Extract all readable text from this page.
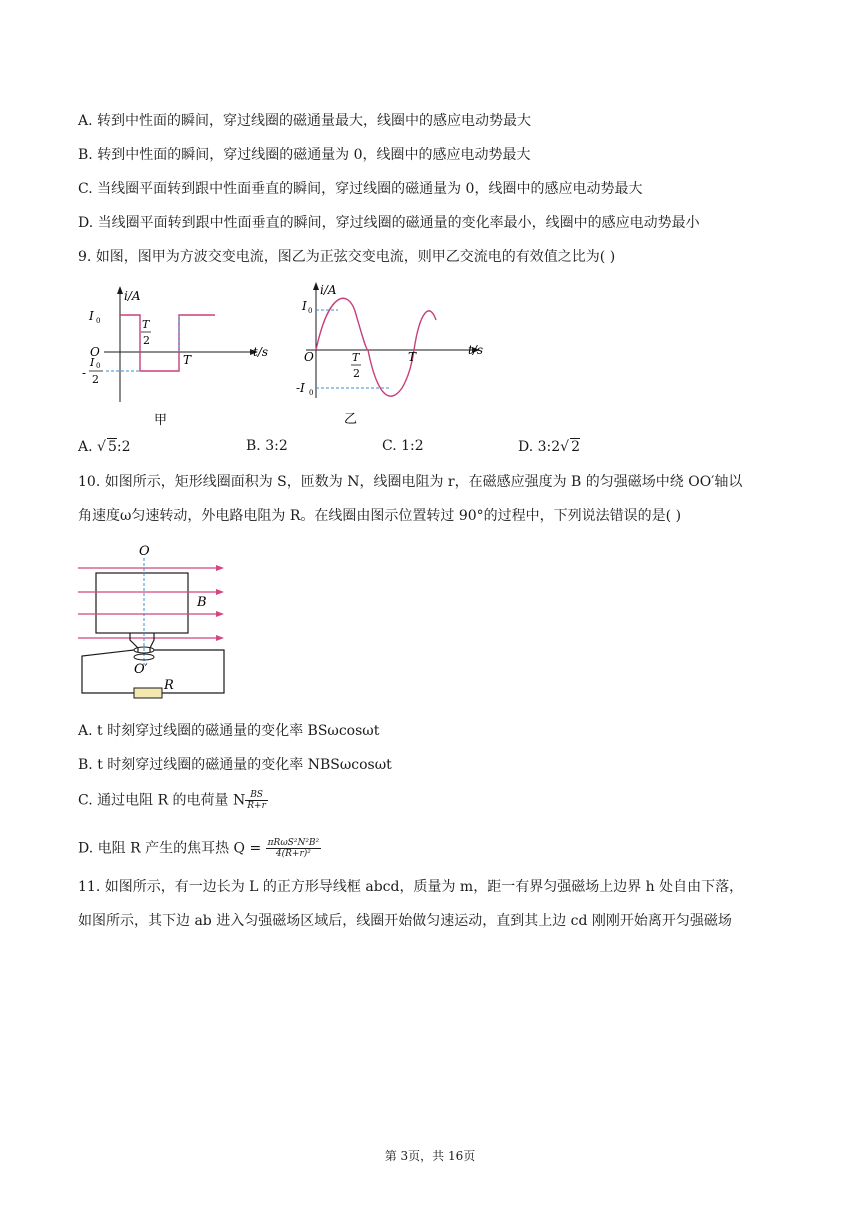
A. 转到中性面的瞬间，穿过线圈的磁通量最大，线圈中的感应电动势最大
B. 转到中性面的瞬间，穿过线圈的磁通量为 0，线圈中的感应电动势最大
C. 当线圈平面转到跟中性面垂直的瞬间，穿过线圈的磁通量为 0，线圈中的感应电动势最大
D. 当线圈平面转到跟中性面垂直的瞬间，穿过线圈的磁通量的变化率最小，线圈中的感应电动势最小
9. 如图，图甲为方波交变电流，图乙为正弦交变电流，则甲乙交流电的有效值之比为( )
i/A
t/s
I 0
O
T
2
T
-
I 0
2
甲
i/A
t/s
I 0
O	T
2
T
-I 0
乙
A. √ 5:2	B. 3:2	C. 1:2	D. 3:2√ 2
10. 如图所示，矩形线圈面积为 S，匝数为 N，线圈电阻为 r，在磁感应强度为 B 的匀强磁场中绕 OO′轴以
角速度ω匀速转动，外电路电阻为 R。在线圈由图示位置转过 90°的过程中，下列说法错误的是( )
O
B
O′
R
A. t 时刻穿过线圈的磁通量的变化率 BSωcosωt
B. t 时刻穿过线圈的磁通量的变化率 NBSωcosωt
C. 通过电阻 R 的电荷量 N $\frac{BS}{R+r}$
D. 电阻 R 产生的焦耳热 $Q = \frac{\text{πRωS²N²B²}}{\text{4(R+r)²}}$
11. 如图所示，有一边长为 L 的正方形导线框 abcd，质量为 m，距一有界匀强磁场上边界 h 处自由下落，
如图所示，其下边 ab 进入匀强磁场区域后，线圈开始做匀速运动，直到其上边 cd 刚刚开始离开匀强磁场
第 3页，共 16页
